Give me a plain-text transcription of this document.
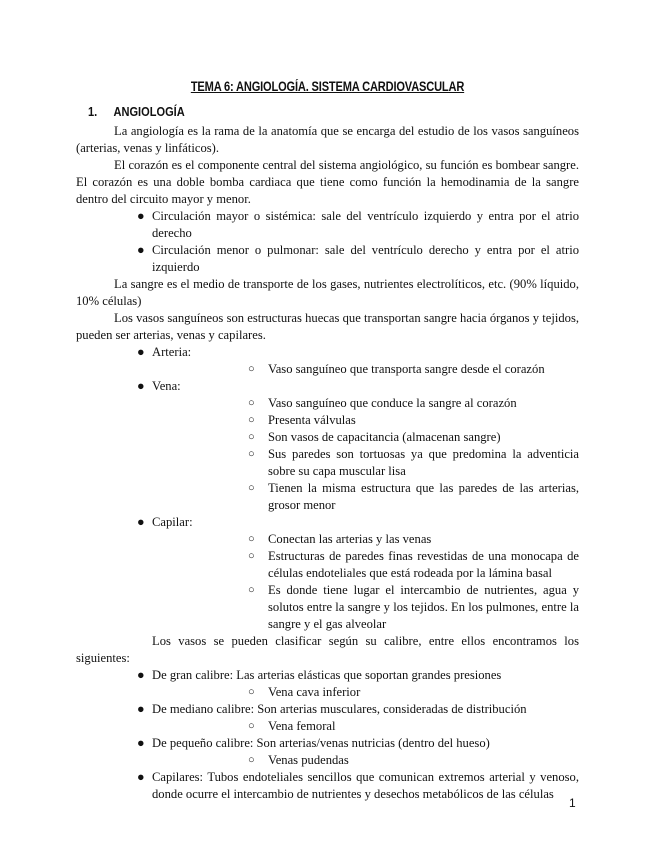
TEMA 6: ANGIOLOGÍA. SISTEMA CARDIOVASCULAR
1. ANGIOLOGÍA

La angiología es la rama de la anatomía que se encarga del estudio de los vasos sanguíneos (arterias, venas y linfáticos).

El corazón es el componente central del sistema angiológico, su función es bombear sangre. El corazón es una doble bomba cardiaca que tiene como función la hemodinamia de la sangre dentro del circuito mayor y menor.

● Circulación mayor o sistémica: sale del ventrículo izquierdo y entra por el atrio derecho
● Circulación menor o pulmonar: sale del ventrículo derecho y entra por el atrio izquierdo

La sangre es el medio de transporte de los gases, nutrientes electrolíticos, etc. (90% líquido, 10% células)

Los vasos sanguíneos son estructuras huecas que transportan sangre hacia órganos y tejidos, pueden ser arterias, venas y capilares.

● Arteria:
○ Vaso sanguíneo que transporta sangre desde el corazón
● Vena:
○ Vaso sanguíneo que conduce la sangre al corazón
○ Presenta válvulas
○ Son vasos de capacitancia (almacenan sangre)
○ Sus paredes son tortuosas ya que predomina la adventicia sobre su capa muscular lisa
○ Tienen la misma estructura que las paredes de las arterias, grosor menor
● Capilar:
○ Conectan las arterias y las venas
○ Estructuras de paredes finas revestidas de una monocapa de células endoteliales que está rodeada por la lámina basal
○ Es donde tiene lugar el intercambio de nutrientes, agua y solutos entre la sangre y los tejidos. En los pulmones, entre la sangre y el gas alveolar

Los vasos se pueden clasificar según su calibre, entre ellos encontramos los siguientes:

● De gran calibre: Las arterias elásticas que soportan grandes presiones
○ Vena cava inferior
● De mediano calibre: Son arterias musculares, consideradas de distribución
○ Vena femoral
● De pequeño calibre: Son arterias/venas nutricias (dentro del hueso)
○ Venas pudendas
● Capilares: Tubos endoteliales sencillos que comunican extremos arterial y venoso, donde ocurre el intercambio de nutrientes y desechos metabólicos de las células
1
